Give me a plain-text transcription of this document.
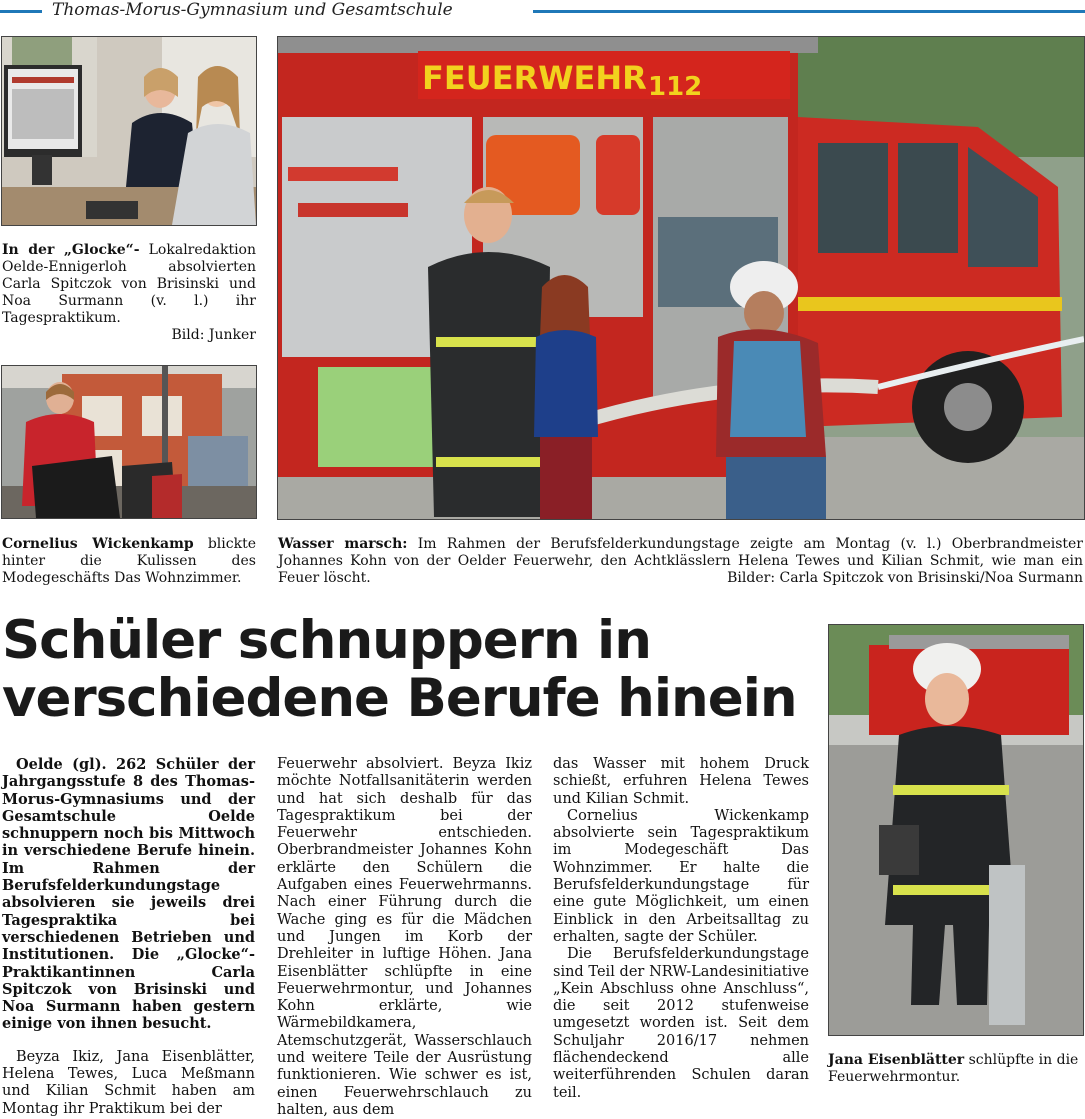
Thomas-Morus-Gymnasium und Gesamtschule
In der „Glocke“- Lokalredaktion Oelde-Ennigerloh absolvierten Carla Spitczok von Brisinski und Noa Surmann (v. l.) ihr Tagespraktikum.
Bild: Junker
Cornelius Wickenkamp blickte hinter die Kulissen des Modegeschäfts Das Wohnzimmer.
FEUERWEHR 112
Wasser marsch: Im Rahmen der Berufsfelderkundungstage zeigte am Montag (v. l.) Oberbrandmeister Johannes Kohn von der Oelder Feuerwehr, den Achtklässlern Helena Tewes und Kilian Schmit, wie man ein Feuer löscht.	Bilder: Carla Spitczok von Brisinski/Noa Surmann
Schüler schnuppern in verschiedene Berufe hinein
Jana Eisenblätter schlüpfte in die Feuerwehrmontur.

Oelde (gl). 262 Schüler der Jahrgangsstufe 8 des Thomas-Morus-Gymnasiums und der Gesamtschule Oelde schnuppern noch bis Mittwoch in verschiedene Berufe hinein. Im Rahmen der Berufsfelderkundungstage absolvieren sie jeweils drei Tagespraktika bei verschiedenen Betrieben und Institutionen. Die „Glocke“-Praktikantinnen Carla Spitczok von Brisinski und Noa Surmann haben gestern einige von ihnen besucht.

Beyza Ikiz, Jana Eisenblätter, Helena Tewes, Luca Meßmann und Kilian Schmit haben am Montag ihr Praktikum bei der

Feuerwehr absolviert. Beyza Ikiz möchte Notfallsanitäterin werden und hat sich deshalb für das Tagespraktikum bei der Feuerwehr entschieden. Oberbrandmeister Johannes Kohn erklärte den Schülern die Aufgaben eines Feuerwehrmanns. Nach einer Führung durch die Wache ging es für die Mädchen und Jungen im Korb der Drehleiter in luftige Höhen. Jana Eisenblätter schlüpfte in eine Feuerwehrmontur, und Johannes Kohn erklärte, wie Wärmebildkamera, Atemschutzgerät, Wasserschlauch und weitere Teile der Ausrüstung funktionieren. Wie schwer es ist, einen Feuerwehrschlauch zu halten, aus dem

das Wasser mit hohem Druck schießt, erfuhren Helena Tewes und Kilian Schmit.

Cornelius Wickenkamp absolvierte sein Tagespraktikum im Modegeschäft Das Wohnzimmer. Er halte die Berufsfelderkundungstage für eine gute Möglichkeit, um einen Einblick in den Arbeitsalltag zu erhalten, sagte der Schüler.

Die Berufsfelderkundungstage sind Teil der NRW-Landesinitiative „Kein Abschluss ohne Anschluss“, die seit 2012 stufenweise umgesetzt worden ist. Seit dem Schuljahr 2016/17 nehmen flächendeckend alle weiterführenden Schulen daran teil.
